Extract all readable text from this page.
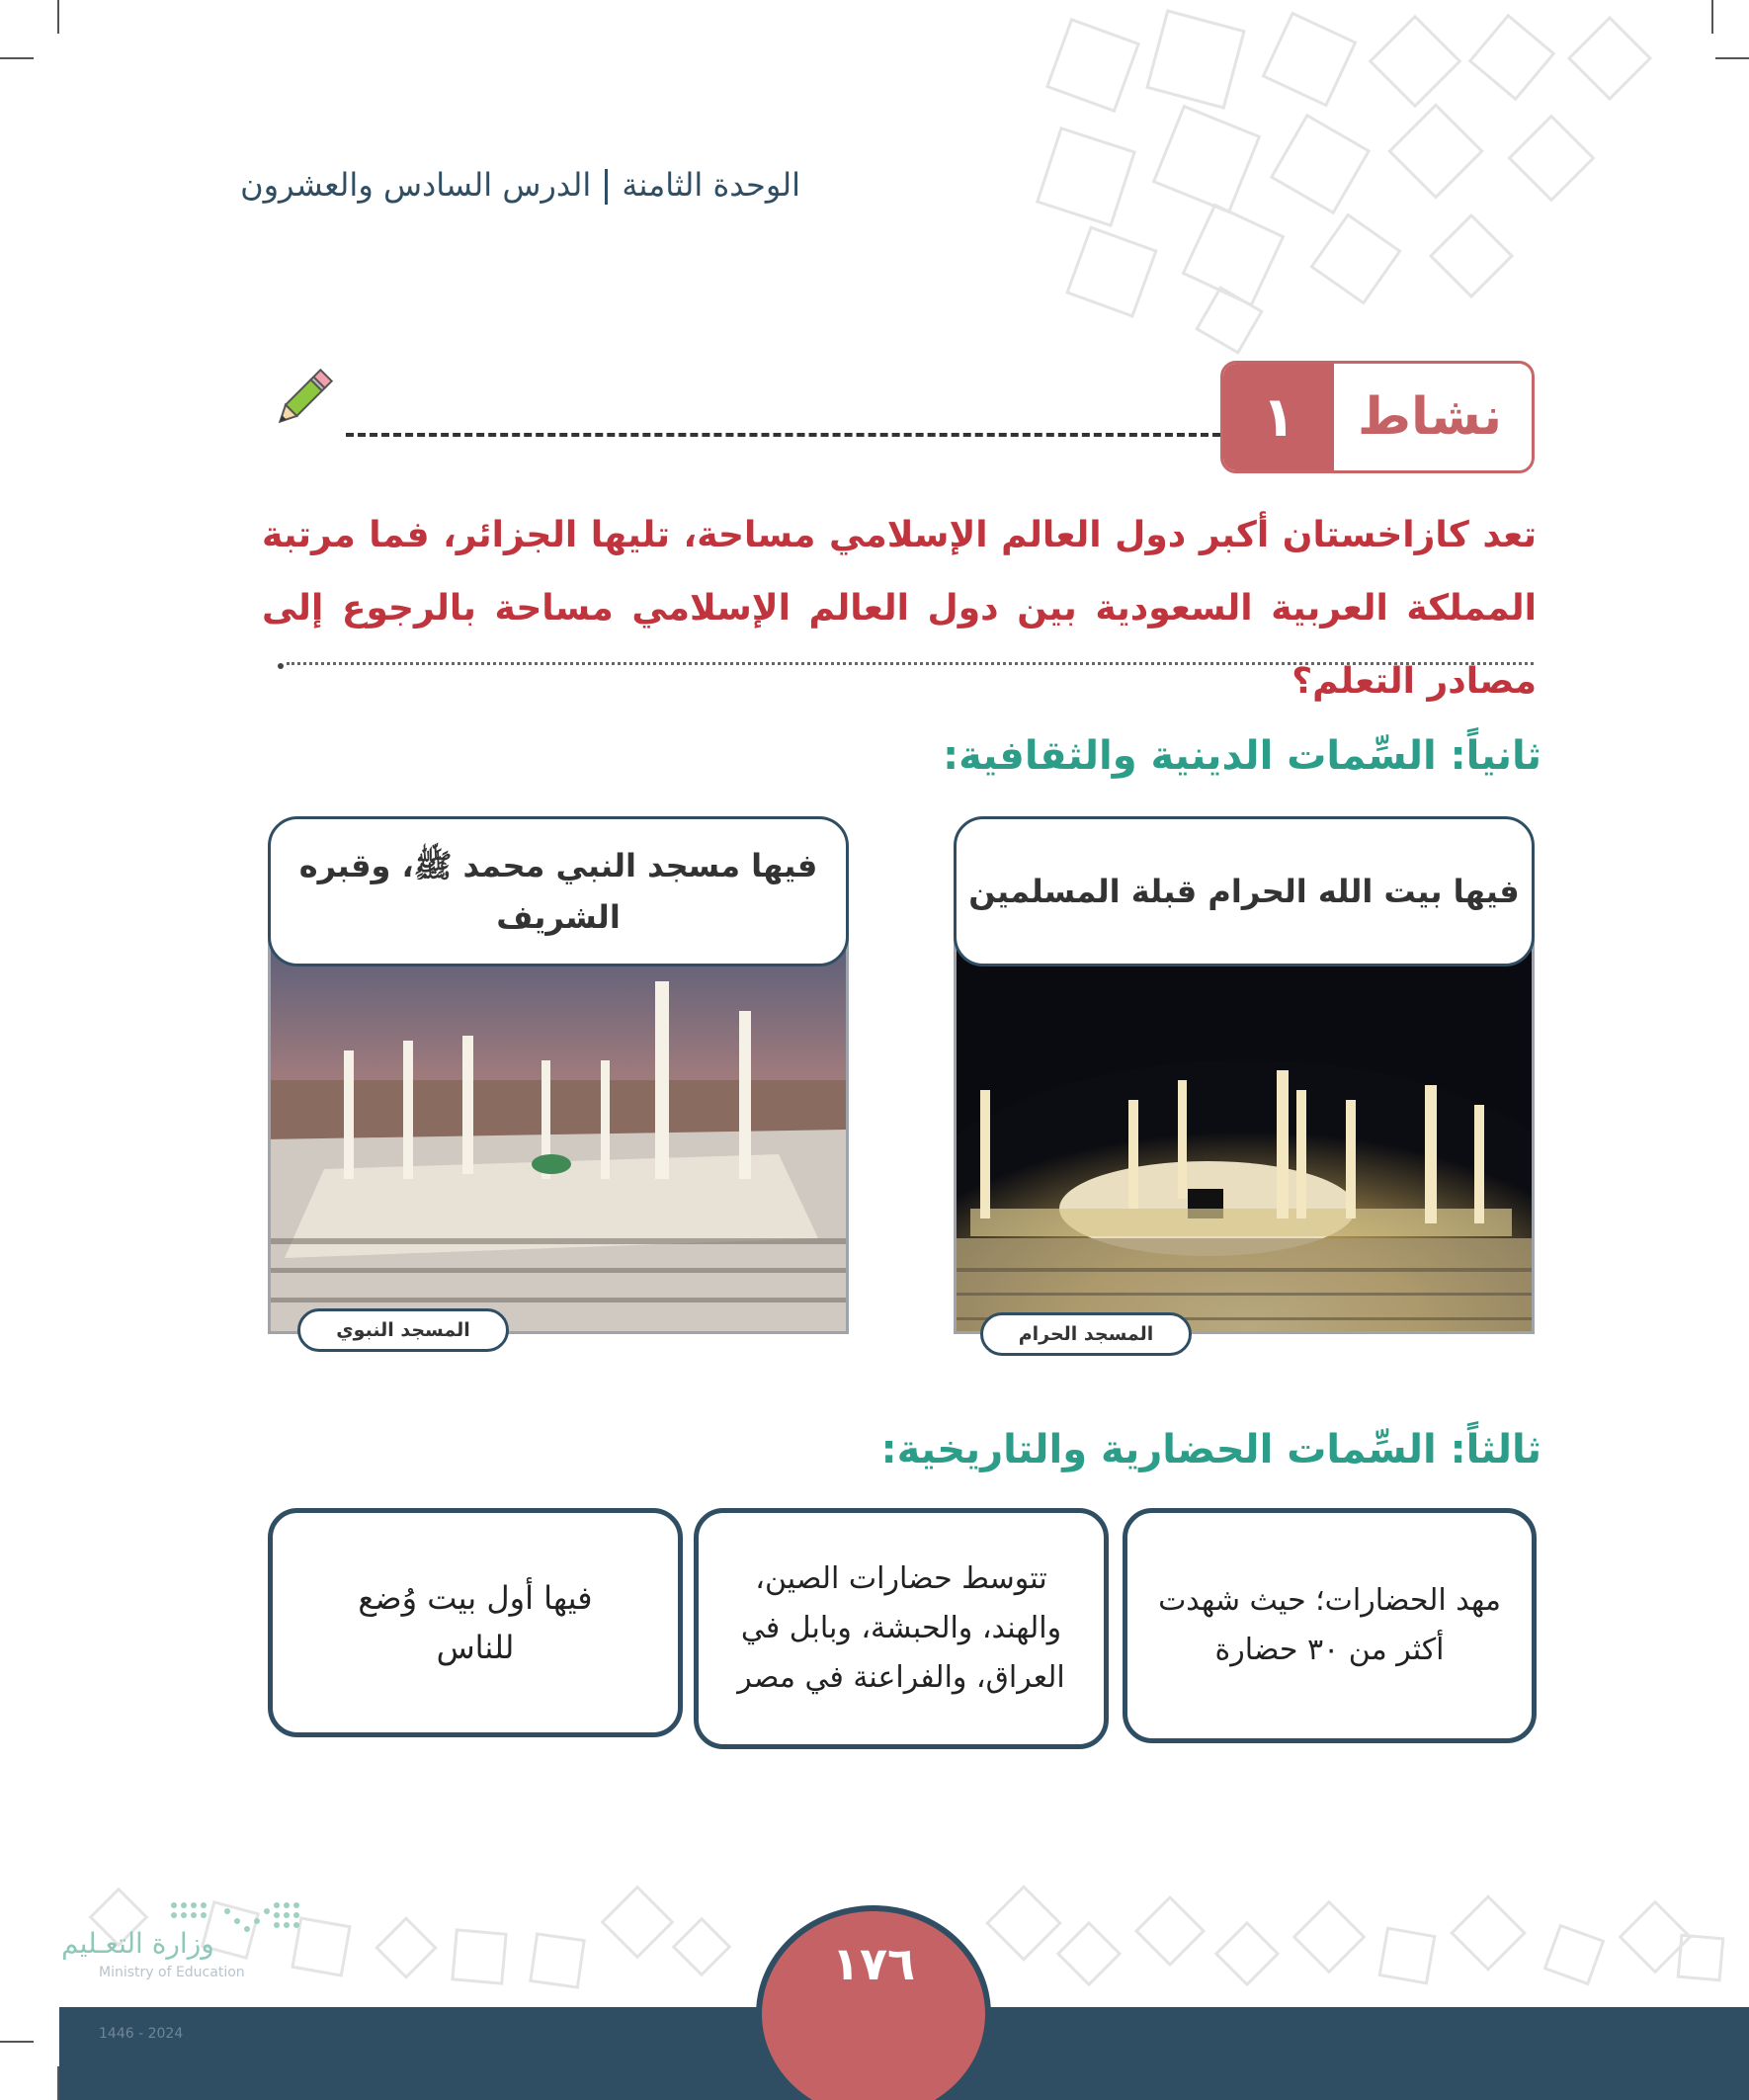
الوحدة الثامنةالدرس السادس والعشرون
١	نشاط
تعد كازاخستان أكبر دول العالم الإسلامي مساحة، تليها الجزائر، فما مرتبة المملكة العربية السعودية بين دول العالم الإسلامي مساحة بالرجوع إلى مصادر التعلم؟
ثانياً: السِّمات الدينية والثقافية:
فيها بيت الله الحرام قبلة المسلمين
المسجد الحرام
فيها مسجد النبي محمد ﷺ، وقبره الشريف
المسجد النبوي
ثالثاً: السِّمات الحضارية والتاريخية:
مهد الحضارات؛ حيث شهدت أكثر من ٣٠ حضارة
تتوسط حضارات الصين، والهند، والحبشة، وبابل في العراق، والفراعنة في مصر
فيها أول بيت وُضع للناس
١٧٦
وزارة التعـليم
Ministry of Education
2024 - 1446
